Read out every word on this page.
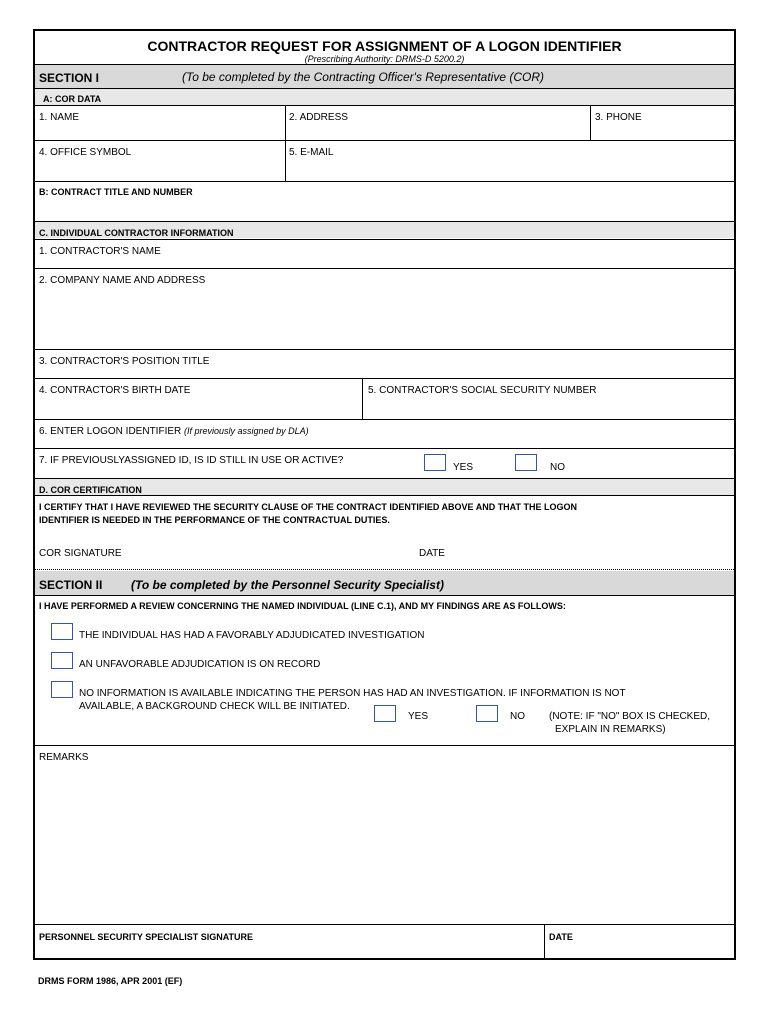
CONTRACTOR REQUEST FOR ASSIGNMENT OF A LOGON IDENTIFIER
(Prescribing Authority: DRMS-D 5200.2)
SECTION I	(To be completed by the Contracting Officer's Representative (COR)
A: COR DATA
1. NAME	2. ADDRESS	3. PHONE
4. OFFICE SYMBOL	5. E-MAIL
B: CONTRACT TITLE AND NUMBER
C. INDIVIDUAL CONTRACTOR INFORMATION
1. CONTRACTOR'S NAME
2. COMPANY NAME AND ADDRESS
3. CONTRACTOR'S POSITION TITLE
4. CONTRACTOR'S BIRTH DATE	5. CONTRACTOR'S SOCIAL SECURITY NUMBER
6. ENTER LOGON IDENTIFIER (If previously assigned by DLA)
7. IF PREVIOUSLYASSIGNED ID, IS ID STILL IN USE OR ACTIVE?
YES	NO
D. COR CERTIFICATION
I CERTIFY THAT I HAVE REVIEWED THE SECURITY CLAUSE OF THE CONTRACT IDENTIFIED ABOVE AND THAT THE LOGON
IDENTIFIER IS NEEDED IN THE PERFORMANCE OF THE CONTRACTUAL DUTIES.
COR SIGNATURE	DATE
SECTION II (To be completed by the Personnel Security Specialist)
I HAVE PERFORMED A REVIEW CONCERNING THE NAMED INDIVIDUAL (LINE C.1), AND MY FINDINGS ARE AS FOLLOWS:
THE INDIVIDUAL HAS HAD A FAVORABLY ADJUDICATED INVESTIGATION
AN UNFAVORABLE ADJUDICATION IS ON RECORD
NO INFORMATION IS AVAILABLE INDICATING THE PERSON HAS HAD AN INVESTIGATION. IF INFORMATION IS NOT
AVAILABLE, A BACKGROUND CHECK WILL BE INITIATED.
YES	NO (NOTE: IF "NO" BOX IS CHECKED,
EXPLAIN IN REMARKS)
REMARKS
PERSONNEL SECURITY SPECIALIST SIGNATURE	DATE
DRMS FORM 1986, APR 2001 (EF)
